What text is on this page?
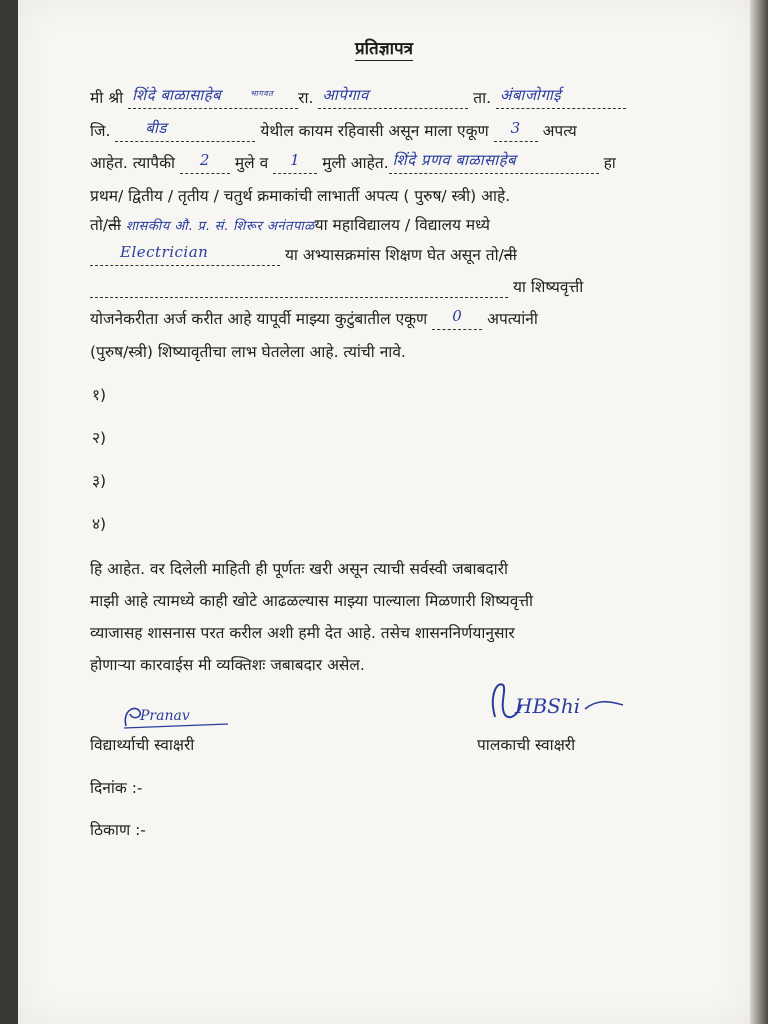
प्रतिज्ञापत्र
मी श्री शिंदे बाळासाहेब	भागवत रा. आपेगाव	ता. अंबाजोगाई
जि. बीड	येथील कायम रहिवासी असून माला एकूण	3	अपत्य
आहेत. त्यापैकी	2	मुले व	1	मुली आहेत. शिंदे प्रणव बाळासाहेब	हा
प्रथम/ द्वितीय / तृतीय / चतुर्थ क्रमाकांची लाभार्ती अपत्य ( पुरुष/ स्त्री) आहे.
तो/ती शासकीय औ. प्र. सं. शिरूर अनंतपाळया महाविद्यालय / विद्यालय मध्ये
Electrician	या अभ्यासक्रमांस शिक्षण घेत असून तो/ती
या शिष्यवृत्ती
योजनेकरीता अर्ज करीत आहे यापूर्वी माझ्या कुटुंबातील एकूण	0	अपत्यांनी
(पुरुष/स्त्री) शिष्यावृतीचा लाभ घेतलेला आहे. त्यांची नावे.
१)
२)
३)
४)
हि आहेत. वर दिलेली माहिती ही पूर्णतः खरी असून त्याची सर्वस्वी जबाबदारी
माझी आहे त्यामध्ये काही खोटे आढळल्यास माझ्या पाल्याला मिळणारी शिष्यवृत्ती
व्याजासह शासनास परत करील अशी हमी देत आहे. तसेच शासननिर्णयानुसार
होणाऱ्या कारवाईस मी व्यक्तिशः जबाबदार असेल.
Pranav
विद्यार्थ्याची स्वाक्षरी
HBShi
पालकाची स्वाक्षरी
दिनांक :-
ठिकाण :-
